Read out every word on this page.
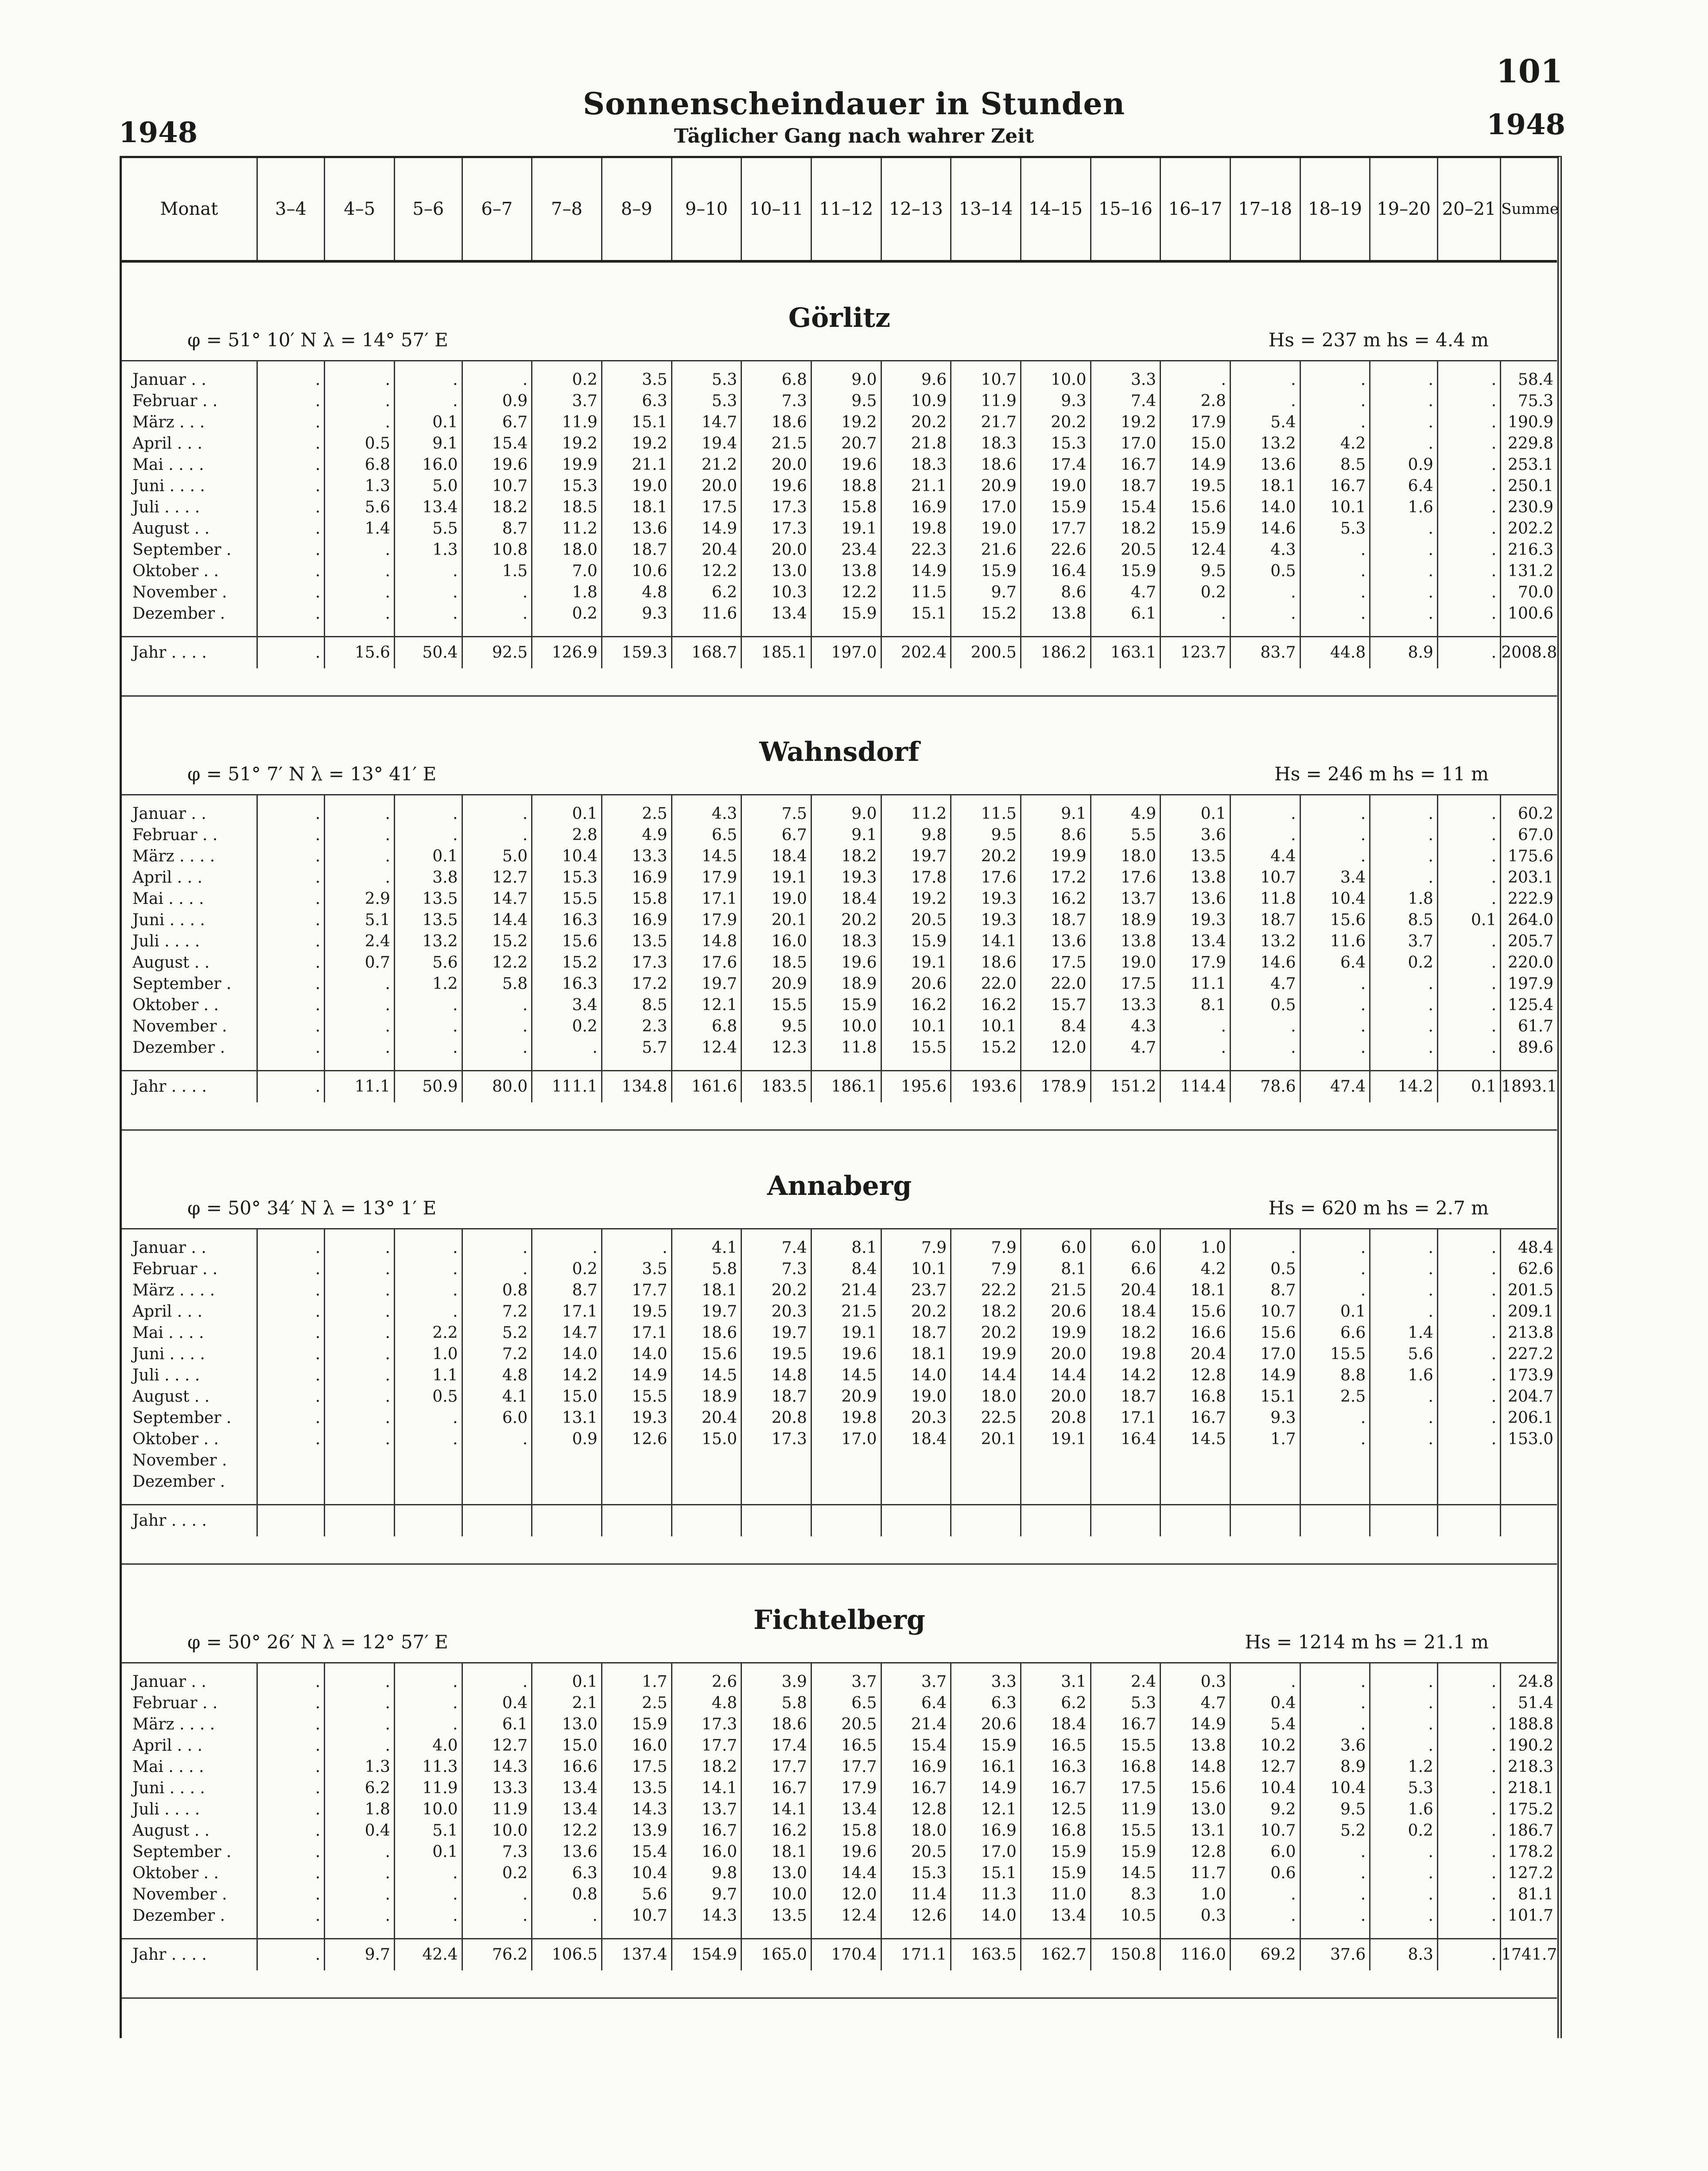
1948
101
1948
Sonnenscheindauer in Stunden
Täglicher Gang nach wahrer Zeit
Monat	3–4	4–5	5–6	6–7	7–8	8–9	9–10	10–11	11–12	12–13	13–14	14–15	15–16	16–17	17–18	18–19	19–20	20–21	Summe
Görlitz
φ = 51° 10′ N λ = 14° 57′ E	Hs = 237 m hs = 4.4 m
Januar . .	.	.	.	.	0.2	3.5	5.3	6.8	9.0	9.6	10.7	10.0	3.3	.	.	.	.	.	58.4
Februar . .	.	.	.	0.9	3.7	6.3	5.3	7.3	9.5	10.9	11.9	9.3	7.4	2.8	.	.	.	.	75.3
März . . .	.	.	0.1	6.7	11.9	15.1	14.7	18.6	19.2	20.2	21.7	20.2	19.2	17.9	5.4	.	.	.	190.9
April . . .	.	0.5	9.1	15.4	19.2	19.2	19.4	21.5	20.7	21.8	18.3	15.3	17.0	15.0	13.2	4.2	.	.	229.8
Mai . . . .	.	6.8	16.0	19.6	19.9	21.1	21.2	20.0	19.6	18.3	18.6	17.4	16.7	14.9	13.6	8.5	0.9	.	253.1
Juni . . . .	.	1.3	5.0	10.7	15.3	19.0	20.0	19.6	18.8	21.1	20.9	19.0	18.7	19.5	18.1	16.7	6.4	.	250.1
Juli . . . .	.	5.6	13.4	18.2	18.5	18.1	17.5	17.3	15.8	16.9	17.0	15.9	15.4	15.6	14.0	10.1	1.6	.	230.9
August . .	.	1.4	5.5	8.7	11.2	13.6	14.9	17.3	19.1	19.8	19.0	17.7	18.2	15.9	14.6	5.3	.	.	202.2
September .	.	.	1.3	10.8	18.0	18.7	20.4	20.0	23.4	22.3	21.6	22.6	20.5	12.4	4.3	.	.	.	216.3
Oktober . .	.	.	.	1.5	7.0	10.6	12.2	13.0	13.8	14.9	15.9	16.4	15.9	9.5	0.5	.	.	.	131.2
November .	.	.	.	.	1.8	4.8	6.2	10.3	12.2	11.5	9.7	8.6	4.7	0.2	.	.	.	.	70.0
Dezember .	.	.	.	.	0.2	9.3	11.6	13.4	15.9	15.1	15.2	13.8	6.1	.	.	.	.	.	100.6

Jahr . . . .	.	15.6	50.4	92.5	126.9	159.3	168.7	185.1	197.0	202.4	200.5	186.2	163.1	123.7	83.7	44.8	8.9	.	2008.8
Wahnsdorf
φ = 51° 7′ N λ = 13° 41′ E	Hs = 246 m hs = 11 m
Januar . .	.	.	.	.	0.1	2.5	4.3	7.5	9.0	11.2	11.5	9.1	4.9	0.1	.	.	.	.	60.2
Februar . .	.	.	.	.	2.8	4.9	6.5	6.7	9.1	9.8	9.5	8.6	5.5	3.6	.	.	.	.	67.0
März . . . .	.	.	0.1	5.0	10.4	13.3	14.5	18.4	18.2	19.7	20.2	19.9	18.0	13.5	4.4	.	.	.	175.6
April . . .	.	.	3.8	12.7	15.3	16.9	17.9	19.1	19.3	17.8	17.6	17.2	17.6	13.8	10.7	3.4	.	.	203.1
Mai . . . .	.	2.9	13.5	14.7	15.5	15.8	17.1	19.0	18.4	19.2	19.3	16.2	13.7	13.6	11.8	10.4	1.8	.	222.9
Juni . . . .	.	5.1	13.5	14.4	16.3	16.9	17.9	20.1	20.2	20.5	19.3	18.7	18.9	19.3	18.7	15.6	8.5	0.1	264.0
Juli . . . .	.	2.4	13.2	15.2	15.6	13.5	14.8	16.0	18.3	15.9	14.1	13.6	13.8	13.4	13.2	11.6	3.7	.	205.7
August . .	.	0.7	5.6	12.2	15.2	17.3	17.6	18.5	19.6	19.1	18.6	17.5	19.0	17.9	14.6	6.4	0.2	.	220.0
September .	.	.	1.2	5.8	16.3	17.2	19.7	20.9	18.9	20.6	22.0	22.0	17.5	11.1	4.7	.	.	.	197.9
Oktober . .	.	.	.	.	3.4	8.5	12.1	15.5	15.9	16.2	16.2	15.7	13.3	8.1	0.5	.	.	.	125.4
November .	.	.	.	.	0.2	2.3	6.8	9.5	10.0	10.1	10.1	8.4	4.3	.	.	.	.	.	61.7
Dezember .	.	.	.	.	.	5.7	12.4	12.3	11.8	15.5	15.2	12.0	4.7	.	.	.	.	.	89.6

Jahr . . . .	.	11.1	50.9	80.0	111.1	134.8	161.6	183.5	186.1	195.6	193.6	178.9	151.2	114.4	78.6	47.4	14.2	0.1	1893.1
Annaberg
φ = 50° 34′ N λ = 13° 1′ E	Hs = 620 m hs = 2.7 m
Januar . .	.	.	.	.	.	.	4.1	7.4	8.1	7.9	7.9	6.0	6.0	1.0	.	.	.	.	48.4
Februar . .	.	.	.	.	0.2	3.5	5.8	7.3	8.4	10.1	7.9	8.1	6.6	4.2	0.5	.	.	.	62.6
März . . . .	.	.	.	0.8	8.7	17.7	18.1	20.2	21.4	23.7	22.2	21.5	20.4	18.1	8.7	.	.	.	201.5
April . . .	.	.	.	7.2	17.1	19.5	19.7	20.3	21.5	20.2	18.2	20.6	18.4	15.6	10.7	0.1	.	.	209.1
Mai . . . .	.	.	2.2	5.2	14.7	17.1	18.6	19.7	19.1	18.7	20.2	19.9	18.2	16.6	15.6	6.6	1.4	.	213.8
Juni . . . .	.	.	1.0	7.2	14.0	14.0	15.6	19.5	19.6	18.1	19.9	20.0	19.8	20.4	17.0	15.5	5.6	.	227.2
Juli . . . .	.	.	1.1	4.8	14.2	14.9	14.5	14.8	14.5	14.0	14.4	14.4	14.2	12.8	14.9	8.8	1.6	.	173.9
August . .	.	.	0.5	4.1	15.0	15.5	18.9	18.7	20.9	19.0	18.0	20.0	18.7	16.8	15.1	2.5	.	.	204.7
September .	.	.	.	6.0	13.1	19.3	20.4	20.8	19.8	20.3	22.5	20.8	17.1	16.7	9.3	.	.	.	206.1
Oktober . .	.	.	.	.	0.9	12.6	15.0	17.3	17.0	18.4	20.1	19.1	16.4	14.5	1.7	.	.	.	153.0
November .																			
Dezember .																			

Jahr . . . .																			
Fichtelberg
φ = 50° 26′ N λ = 12° 57′ E	Hs = 1214 m hs = 21.1 m
Januar . .	.	.	.	.	0.1	1.7	2.6	3.9	3.7	3.7	3.3	3.1	2.4	0.3	.	.	.	.	24.8
Februar . .	.	.	.	0.4	2.1	2.5	4.8	5.8	6.5	6.4	6.3	6.2	5.3	4.7	0.4	.	.	.	51.4
März . . . .	.	.	.	6.1	13.0	15.9	17.3	18.6	20.5	21.4	20.6	18.4	16.7	14.9	5.4	.	.	.	188.8
April . . .	.	.	4.0	12.7	15.0	16.0	17.7	17.4	16.5	15.4	15.9	16.5	15.5	13.8	10.2	3.6	.	.	190.2
Mai . . . .	.	1.3	11.3	14.3	16.6	17.5	18.2	17.7	17.7	16.9	16.1	16.3	16.8	14.8	12.7	8.9	1.2	.	218.3
Juni . . . .	.	6.2	11.9	13.3	13.4	13.5	14.1	16.7	17.9	16.7	14.9	16.7	17.5	15.6	10.4	10.4	5.3	.	218.1
Juli . . . .	.	1.8	10.0	11.9	13.4	14.3	13.7	14.1	13.4	12.8	12.1	12.5	11.9	13.0	9.2	9.5	1.6	.	175.2
August . .	.	0.4	5.1	10.0	12.2	13.9	16.7	16.2	15.8	18.0	16.9	16.8	15.5	13.1	10.7	5.2	0.2	.	186.7
September .	.	.	0.1	7.3	13.6	15.4	16.0	18.1	19.6	20.5	17.0	15.9	15.9	12.8	6.0	.	.	.	178.2
Oktober . .	.	.	.	0.2	6.3	10.4	9.8	13.0	14.4	15.3	15.1	15.9	14.5	11.7	0.6	.	.	.	127.2
November .	.	.	.	.	0.8	5.6	9.7	10.0	12.0	11.4	11.3	11.0	8.3	1.0	.	.	.	.	81.1
Dezember .	.	.	.	.	.	10.7	14.3	13.5	12.4	12.6	14.0	13.4	10.5	0.3	.	.	.	.	101.7

Jahr . . . .	.	9.7	42.4	76.2	106.5	137.4	154.9	165.0	170.4	171.1	163.5	162.7	150.8	116.0	69.2	37.6	8.3	.	1741.7
